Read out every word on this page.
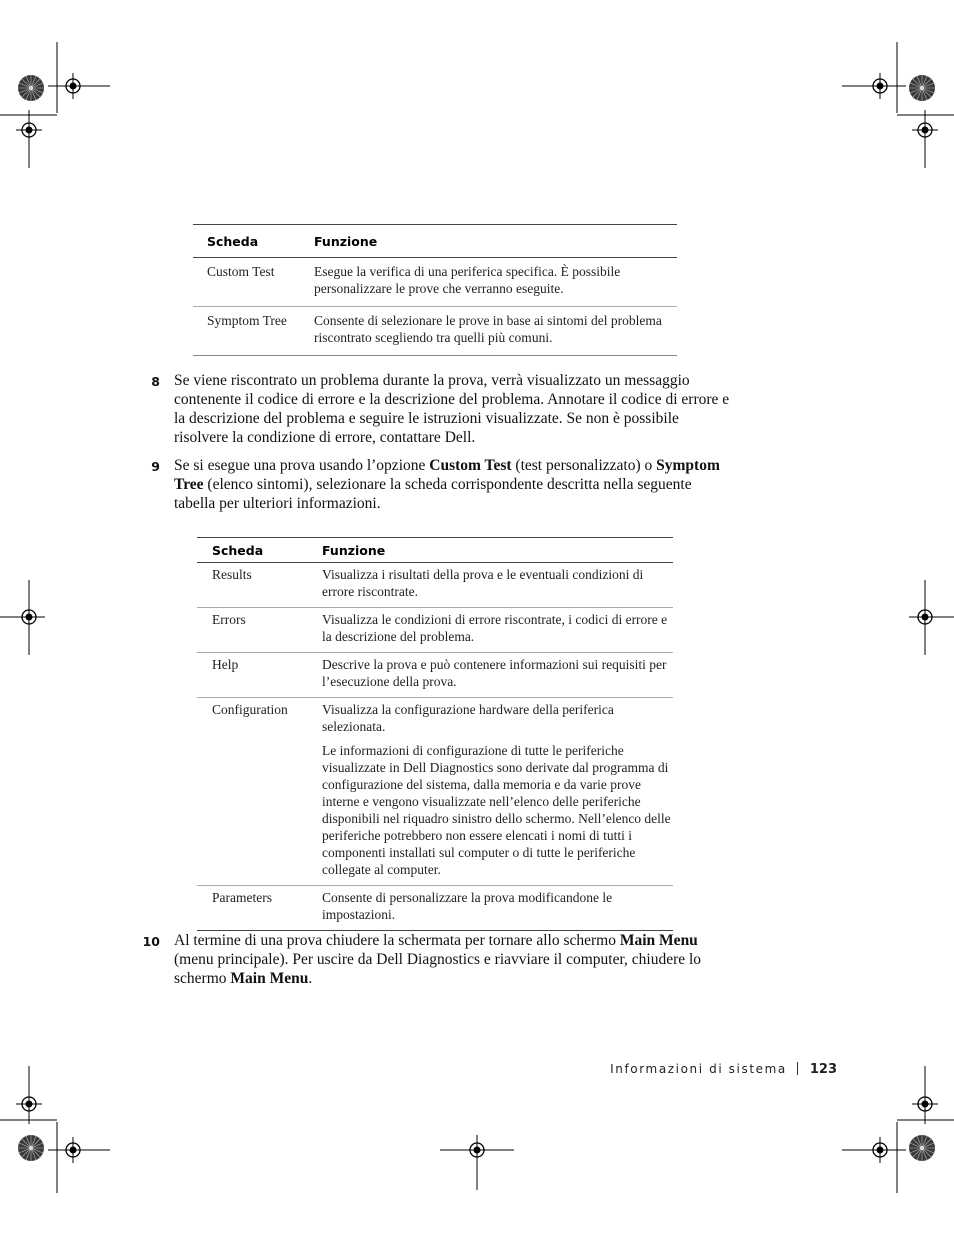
Scheda	Funzione
Custom Test	Esegue la verifica di una periferica specifica. È possibile personalizzare le prove che verranno eseguite.
Symptom Tree	Consente di selezionare le prove in base ai sintomi del problema riscontrato scegliendo tra quelli più comuni.
8 Se viene riscontrato un problema durante la prova, verrà visualizzato un messaggio contenente il codice di errore e la descrizione del problema. Annotare il codice di errore e la descrizione del problema e seguire le istruzioni visualizzate. Se non è possibile risolvere la condizione di errore, contattare Dell.
9 Se si esegue una prova usando l’opzione Custom Test (test personalizzato) o Symptom Tree (elenco sintomi), selezionare la scheda corrispondente descritta nella seguente tabella per ulteriori informazioni.
Scheda	Funzione
Results	Visualizza i risultati della prova e le eventuali condizioni di errore riscontrate.

Errors	Visualizza le condizioni di errore riscontrate, i codici di errore e la descrizione del problema.

Help	Descrive la prova e può contenere informazioni sui requisiti per l’esecuzione della prova.

Configuration	Visualizza la configurazione hardware della periferica selezionata.

Le informazioni di configurazione di tutte le periferiche visualizzate in Dell Diagnostics sono derivate dal programma di configurazione del sistema, dalla memoria e da varie prove interne e vengono visualizzate nell’elenco delle periferiche disponibili nel riquadro sinistro dello schermo. Nell’elenco delle periferiche potrebbero non essere elencati i nomi di tutti i componenti installati sul computer o di tutte le periferiche collegate al computer.

Parameters	Consente di personalizzare la prova modificandone le impostazioni.

10 Al termine di una prova chiudere la schermata per tornare allo schermo Main Menu (menu principale). Per uscire da Dell Diagnostics e riavviare il computer, chiudere lo schermo Main Menu.
Informazioni di sistema 123
